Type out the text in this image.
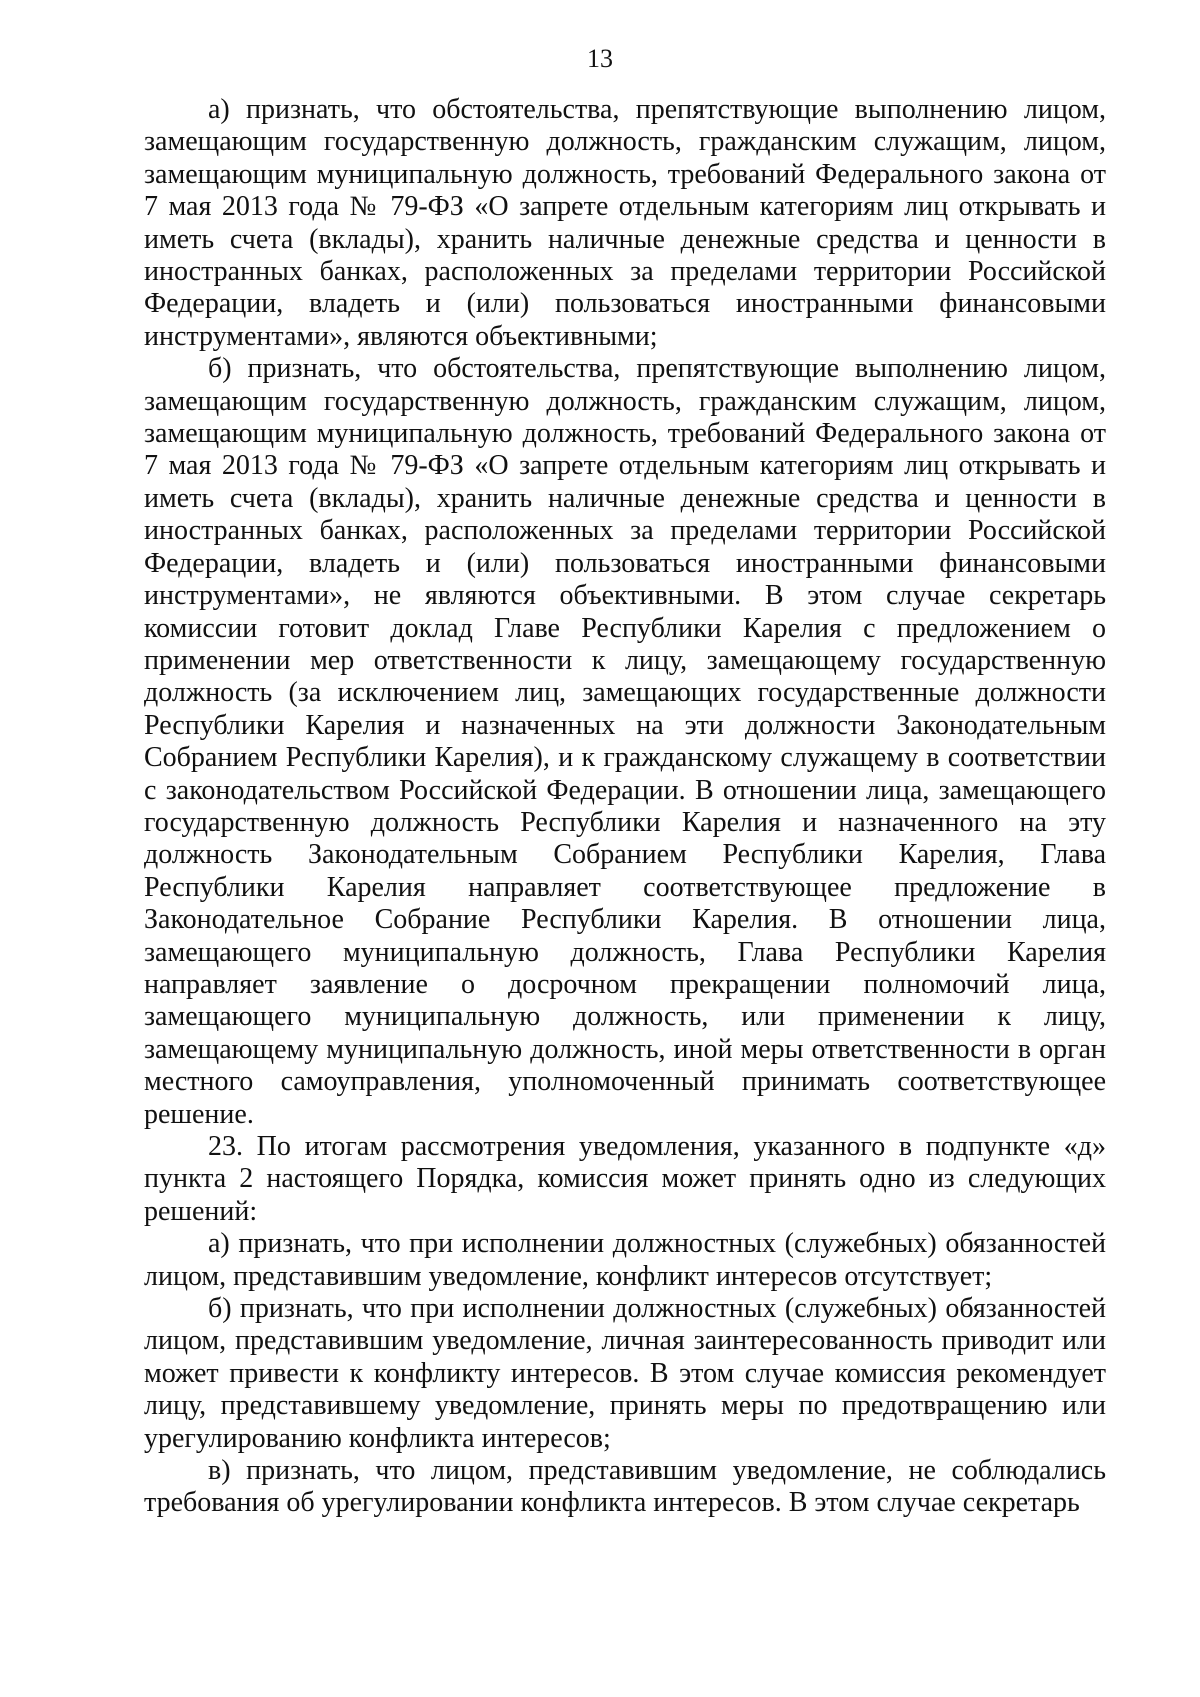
13

а) признать, что обстоятельства, препятствующие выполнению лицом, замещающим государственную должность, гражданским служащим, лицом, замещающим муниципальную должность, требований Федерального закона от 7 мая 2013 года № 79-ФЗ «О запрете отдельным категориям лиц открывать и иметь счета (вклады), хранить наличные денежные средства и ценности в иностранных банках, расположенных за пределами территории Российской Федерации, владеть и (или) пользоваться иностранными финансовыми инструментами», являются объективными;

б) признать, что обстоятельства, препятствующие выполнению лицом, замещающим государственную должность, гражданским служащим, лицом, замещающим муниципальную должность, требований Федерального закона от 7 мая 2013 года № 79-ФЗ «О запрете отдельным категориям лиц открывать и иметь счета (вклады), хранить наличные денежные средства и ценности в иностранных банках, расположенных за пределами территории Российской Федерации, владеть и (или) пользоваться иностранными финансовыми инструментами», не являются объективными. В этом случае секретарь комиссии готовит доклад Главе Республики Карелия с предложением о применении мер ответственности к лицу, замещающему государственную должность (за исключением лиц, замещающих государственные должности Республики Карелия и назначенных на эти должности Законодательным Собранием Республики Карелия), и к гражданскому служащему в соответствии с законодательством Российской Федерации. В отношении лица, замещающего государственную должность Республики Карелия и назначенного на эту должность Законодательным Собранием Республики Карелия, Глава Республики Карелия направляет соответствующее предложение в Законодательное Собрание Республики Карелия. В отношении лица, замещающего муниципальную должность, Глава Республики Карелия направляет заявление о досрочном прекращении полномочий лица, замещающего муниципальную должность, или применении к лицу, замещающему муниципальную должность, иной меры ответственности в орган местного самоуправления, уполномоченный принимать соответствующее решение.

23. По итогам рассмотрения уведомления, указанного в подпункте «д» пункта 2 настоящего Порядка, комиссия может принять одно из следующих решений:

а) признать, что при исполнении должностных (служебных) обязанностей лицом, представившим уведомление, конфликт интересов отсутствует;

б) признать, что при исполнении должностных (служебных) обязанностей лицом, представившим уведомление, личная заинтересованность приводит или может привести к конфликту интересов. В этом случае комиссия рекомендует лицу, представившему уведомление, принять меры по предотвращению или урегулированию конфликта интересов;

в) признать, что лицом, представившим уведомление, не соблюдались требования об урегулировании конфликта интересов. В этом случае секретарь
